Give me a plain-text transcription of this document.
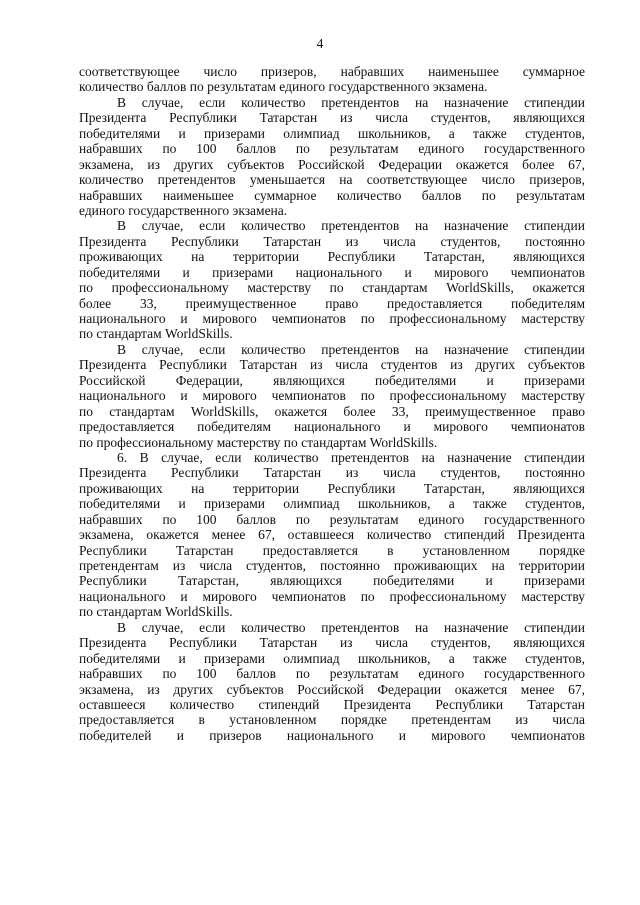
4
соответствующее число призеров, набравших наименьшее суммарное
количество баллов по результатам единого государственного экзамена.
В случае, если количество претендентов на назначение стипендии
Президента Республики Татарстан из числа студентов, являющихся
победителями и призерами олимпиад школьников, а также студентов,
набравших по 100 баллов по результатам единого государственного
экзамена, из других субъектов Российской Федерации окажется более 67,
количество претендентов уменьшается на соответствующее число призеров,
набравших наименьшее суммарное количество баллов по результатам
единого государственного экзамена.
В случае, если количество претендентов на назначение стипендии
Президента Республики Татарстан из числа студентов, постоянно
проживающих на территории Республики Татарстан, являющихся
победителями и призерами национального и мирового чемпионатов
по профессиональному мастерству по стандартам WorldSkills, окажется
более 33, преимущественное право предоставляется победителям
национального и мирового чемпионатов по профессиональному мастерству
по стандартам WorldSkills.
В случае, если количество претендентов на назначение стипендии
Президента Республики Татарстан из числа студентов из других субъектов
Российской Федерации, являющихся победителями и призерами
национального и мирового чемпионатов по профессиональному мастерству
по стандартам WorldSkills, окажется более 33, преимущественное право
предоставляется победителям национального и мирового чемпионатов
по профессиональному мастерству по стандартам WorldSkills.
6. В случае, если количество претендентов на назначение стипендии
Президента Республики Татарстан из числа студентов, постоянно
проживающих на территории Республики Татарстан, являющихся
победителями и призерами олимпиад школьников, а также студентов,
набравших по 100 баллов по результатам единого государственного
экзамена, окажется менее 67, оставшееся количество стипендий Президента
Республики Татарстан предоставляется в установленном порядке
претендентам из числа студентов, постоянно проживающих на территории
Республики Татарстан, являющихся победителями и призерами
национального и мирового чемпионатов по профессиональному мастерству
по стандартам WorldSkills.
В случае, если количество претендентов на назначение стипендии
Президента Республики Татарстан из числа студентов, являющихся
победителями и призерами олимпиад школьников, а также студентов,
набравших по 100 баллов по результатам единого государственного
экзамена, из других субъектов Российской Федерации окажется менее 67,
оставшееся количество стипендий Президента Республики Татарстан
предоставляется в установленном порядке претендентам из числа
победителей и призеров национального и мирового чемпионатов
